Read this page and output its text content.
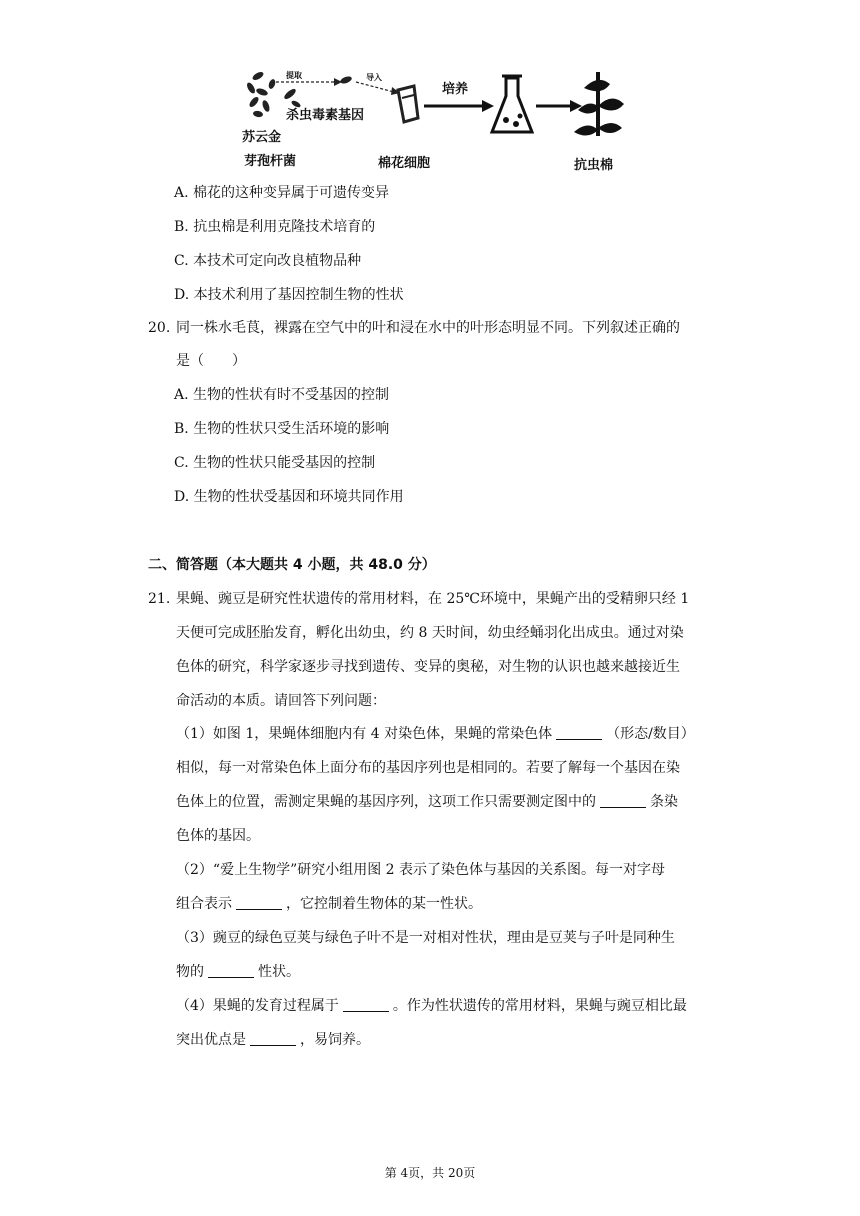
提取	导入
杀虫毒素基因
苏云金
芽孢杆菌
培养
棉花细胞	抗虫棉
A. 棉花的这种变异属于可遗传变异
B. 抗虫棉是利用克隆技术培育的
C. 本技术可定向改良植物品种
D. 本技术利用了基因控制生物的性状
20. 同一株水毛茛，裸露在空气中的叶和浸在水中的叶形态明显不同。下列叙述正确的
是（　　）
A. 生物的性状有时不受基因的控制
B. 生物的性状只受生活环境的影响
C. 生物的性状只能受基因的控制
D. 生物的性状受基因和环境共同作用
二、简答题（本大题共 4 小题，共 48.0 分）
21. 果蝇、豌豆是研究性状遗传的常用材料，在 25℃环境中，果蝇产出的受精卵只经 1
天便可完成胚胎发育，孵化出幼虫，约 8 天时间，幼虫经蛹羽化出成虫。通过对染
色体的研究，科学家逐步寻找到遗传、变异的奥秘，对生物的认识也越来越接近生
命活动的本质。请回答下列问题：
（1）如图 1，果蝇体细胞内有 4 对染色体，果蝇的常染色体	（形态/数目）
相似，每一对常染色体上面分布的基因序列也是相同的。若要了解每一个基因在染
色体上的位置，需测定果蝇的基因序列，这项工作只需要测定图中的	条染
色体的基因。
（2）“爱上生物学”研究小组用图 2 表示了染色体与基因的关系图。每一对字母
组合表示	，它控制着生物体的某一性状。
（3）豌豆的绿色豆荚与绿色子叶不是一对相对性状，理由是豆荚与子叶是同种生
物的	性状。
（4）果蝇的发育过程属于	。作为性状遗传的常用材料，果蝇与豌豆相比最
突出优点是	，易饲养。
第 4页，共 20页
